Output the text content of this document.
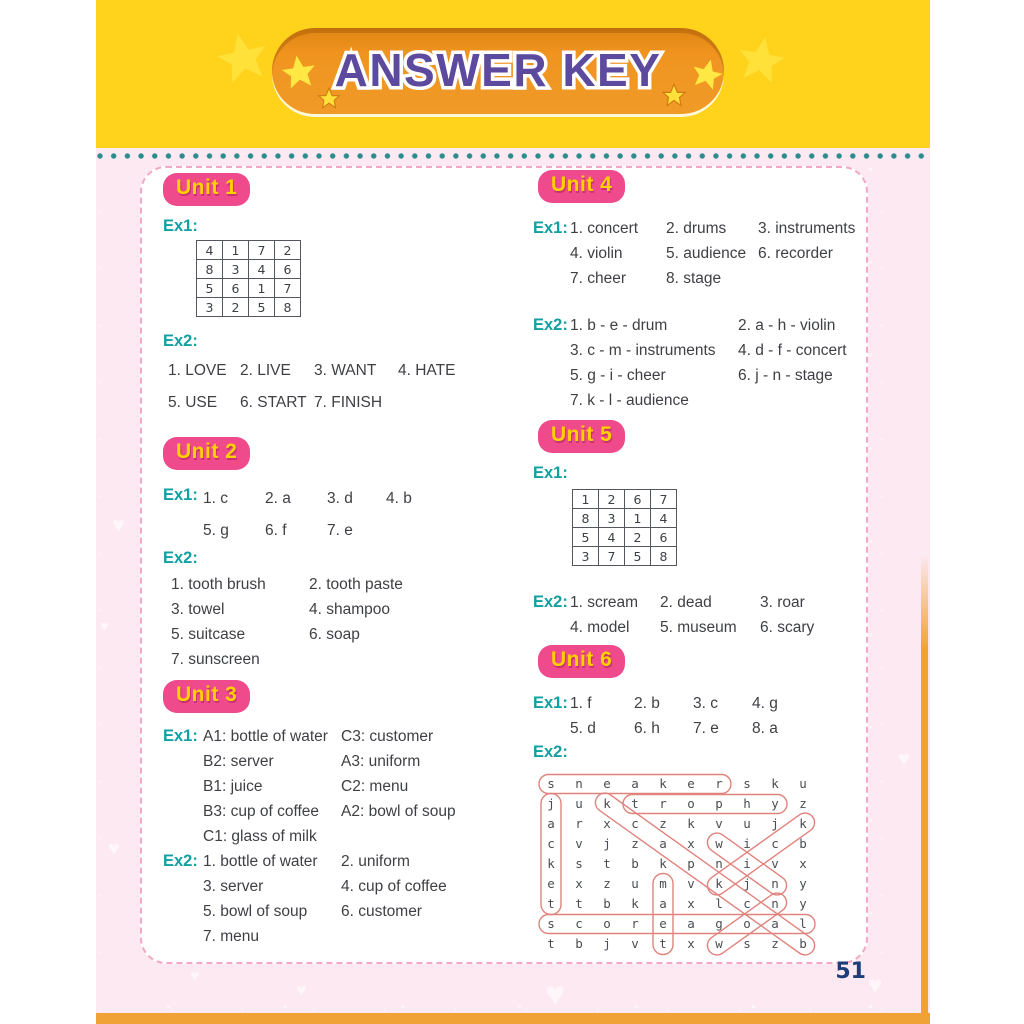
ANSWER KEY
Unit 1
Ex1:
4	1	7	2
8	3	4	6
5	6	1	7
3	2	5	8
Ex2:
1. LOVE 2. LIVE	3. WANT	4. HATE
5. USE	6. START 7. FINISH
Unit 2
Ex1: 1. c	2. a	3. d	4. b
5. g	6. f	7. e
Ex2:
1. tooth brush	2. tooth paste
3. towel	4. shampoo
5. suitcase	6. soap
7. sunscreen
Unit 3
Ex1: A1: bottle of water C3: customer
B2: server	A3: uniform
B1: juice	C2: menu
B3: cup of coffee	A2: bowl of soup
C1: glass of milk
Ex2: 1. bottle of water	2. uniform
3. server	4. cup of coffee
5. bowl of soup	6. customer
7. menu
Unit 4
Ex1: 1. concert	2. drums	3. instruments
4. violin	5. audience 6. recorder
7. cheer	8. stage
Ex2: 1. b - e - drum	2. a - h - violin
3. c - m - instruments	4. d - f - concert
5. g - i - cheer	6. j - n - stage
7. k - l - audience
Unit 5
Ex1:
1	2	6	7
8	3	1	4
5	4	2	6
3	7	5	8
Ex2: 1. scream	2. dead	3. roar
4. model	5. museum	6. scary
Unit 6
Ex1: 1. f	2. b	3. c	4. g
5. d	6. h	7. e	8. a
Ex2:
s n e a k e r s k u
j u k t r o p h y z
a r x c z k v u j k
c v j z a x w i c b
k s t b k p n i v x
e x z u m v k j n y
t t b k a x l c n y
s c o r e a g o a l
t b j v t x w s z b
51
♥
♥
♥
♥	♥
♥
♥
♥
